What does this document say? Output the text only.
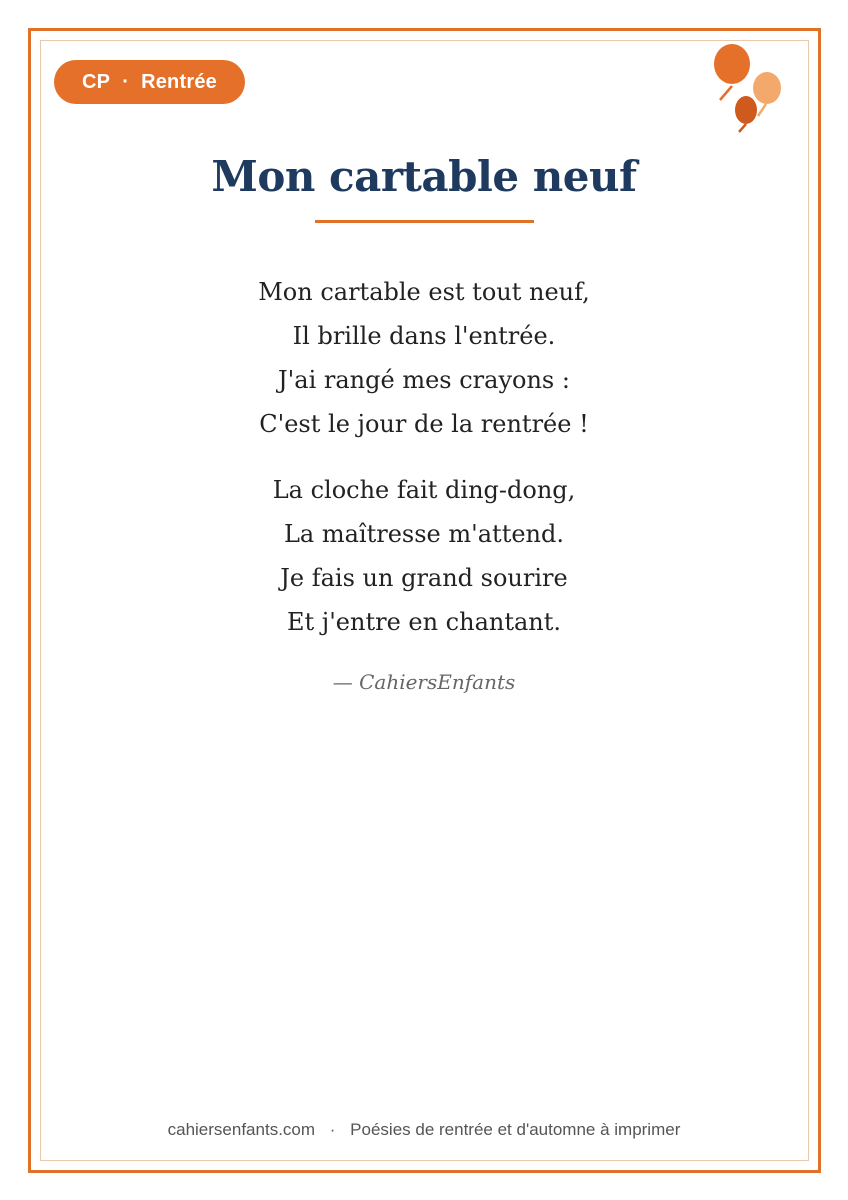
CP · Rentrée
Mon cartable neuf
Mon cartable est tout neuf,
Il brille dans l'entrée.
J'ai rangé mes crayons :
C'est le jour de la rentrée !
La cloche fait ding-dong,
La maîtresse m'attend.
Je fais un grand sourire
Et j'entre en chantant.
— CahiersEnfants
cahiersenfants.com · Poésies de rentrée et d'automne à imprimer
